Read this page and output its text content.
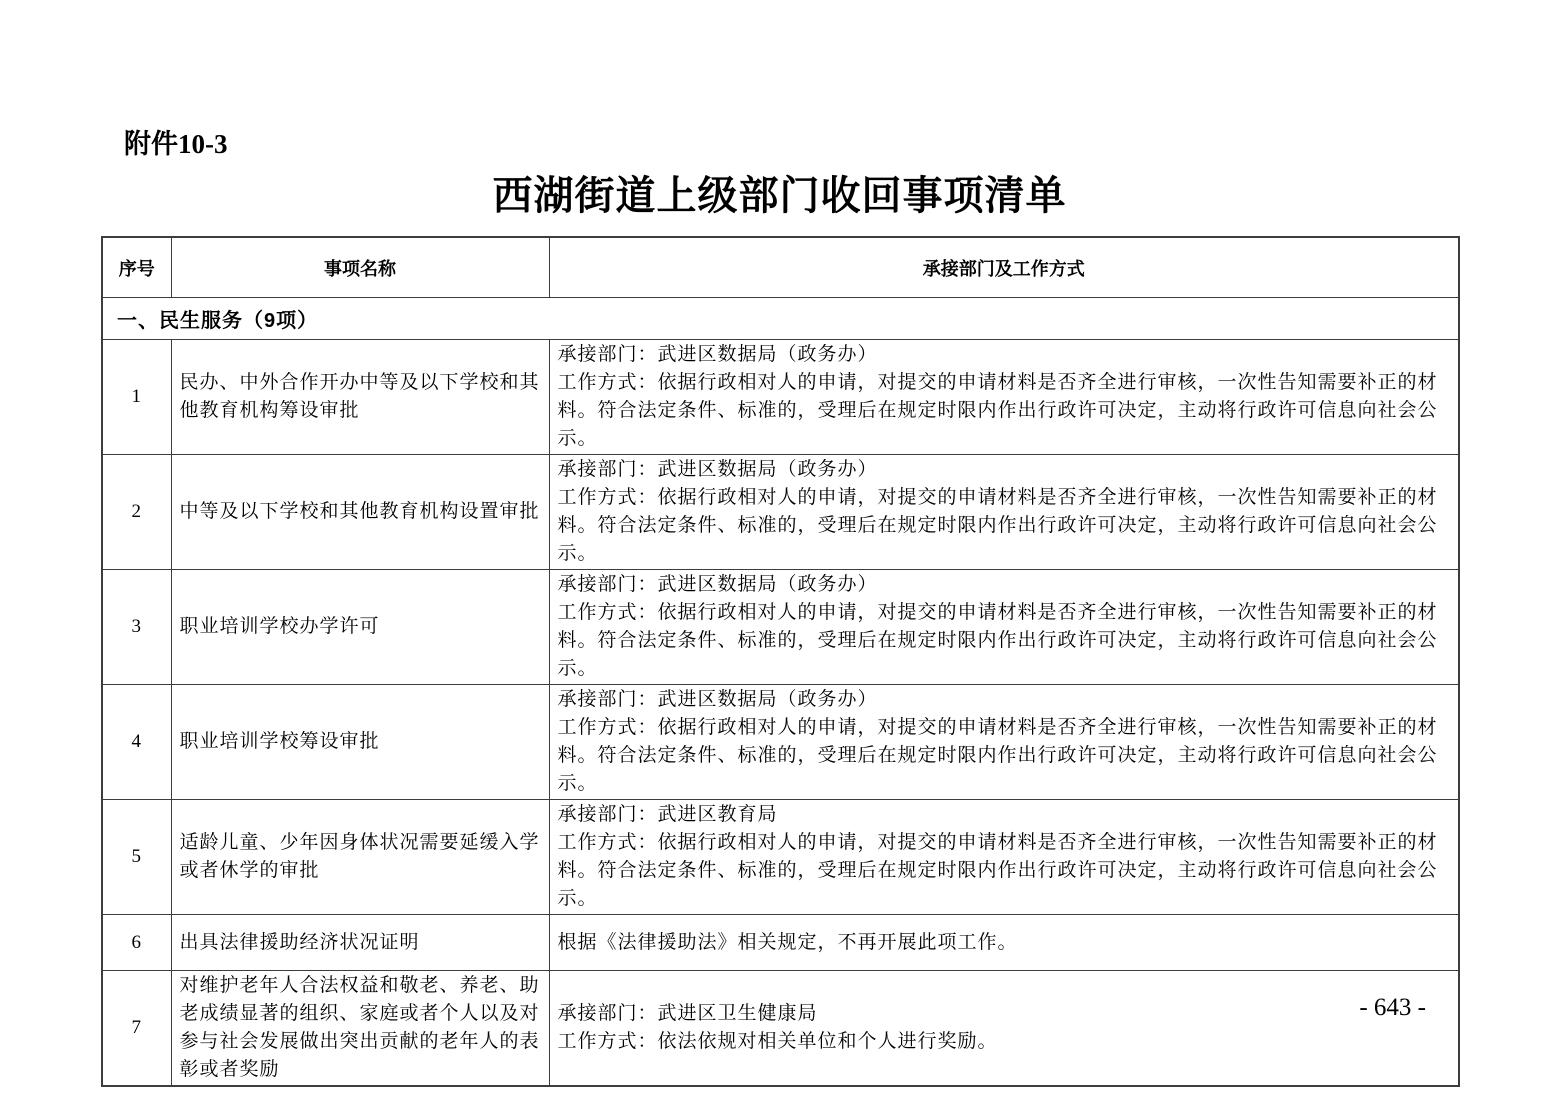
附件10-3
西湖街道上级部门收回事项清单
序号	事项名称	承接部门及工作方式
一、民生服务（9项）		
1	民办、中外合作开办中等及以下学校和其他教育机构筹设审批	承接部门：武进区数据局（政务办）
工作方式：依据行政相对人的申请，对提交的申请材料是否齐全进行审核，一次性告知需要补正的材料。符合法定条件、标准的，受理后在规定时限内作出行政许可决定，主动将行政许可信息向社会公示。

2	中等及以下学校和其他教育机构设置审批	承接部门：武进区数据局（政务办）
工作方式：依据行政相对人的申请，对提交的申请材料是否齐全进行审核，一次性告知需要补正的材料。符合法定条件、标准的，受理后在规定时限内作出行政许可决定，主动将行政许可信息向社会公示。

3	职业培训学校办学许可	承接部门：武进区数据局（政务办）
工作方式：依据行政相对人的申请，对提交的申请材料是否齐全进行审核，一次性告知需要补正的材料。符合法定条件、标准的，受理后在规定时限内作出行政许可决定，主动将行政许可信息向社会公示。

4	职业培训学校筹设审批	承接部门：武进区数据局（政务办）
工作方式：依据行政相对人的申请，对提交的申请材料是否齐全进行审核，一次性告知需要补正的材料。符合法定条件、标准的，受理后在规定时限内作出行政许可决定，主动将行政许可信息向社会公示。

5	适龄儿童、少年因身体状况需要延缓入学或者休学的审批	承接部门：武进区教育局
工作方式：依据行政相对人的申请，对提交的申请材料是否齐全进行审核，一次性告知需要补正的材料。符合法定条件、标准的，受理后在规定时限内作出行政许可决定，主动将行政许可信息向社会公示。

6	出具法律援助经济状况证明	根据《法律援助法》相关规定，不再开展此项工作。

7	对维护老年人合法权益和敬老、养老、助老成绩显著的组织、家庭或者个人以及对参与社会发展做出突出贡献的老年人的表彰或者奖励	承接部门：武进区卫生健康局
工作方式：依法依规对相关单位和个人进行奖励。
- 643 -
